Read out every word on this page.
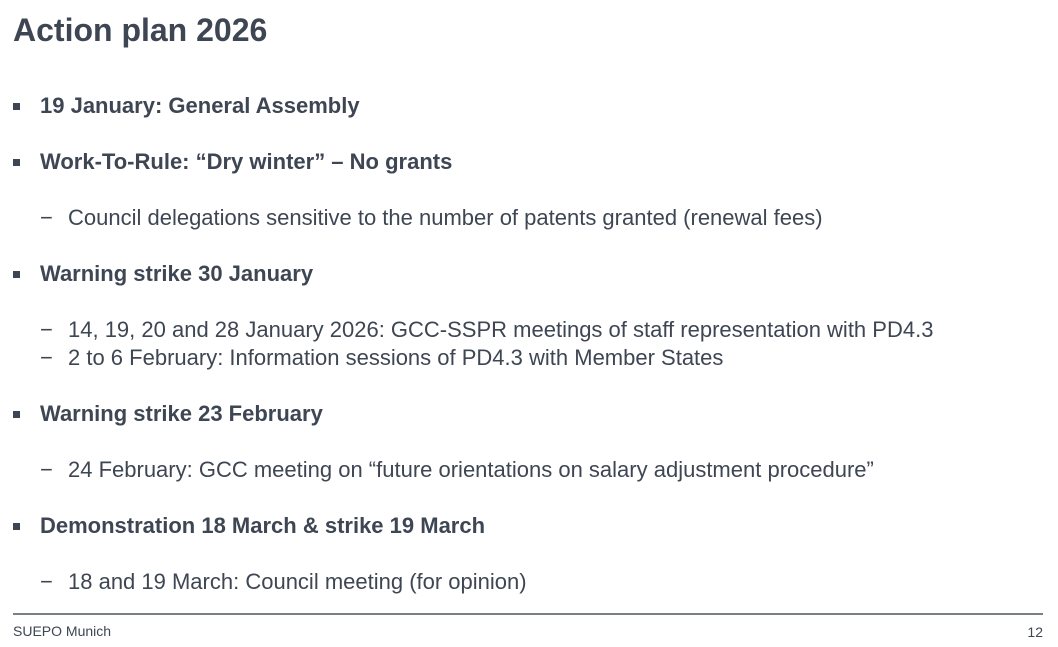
Action plan 2026
19 January: General Assembly
Work-To-Rule: “Dry winter” – No grants
− Council delegations sensitive to the number of patents granted (renewal fees)
Warning strike 30 January
− 14, 19, 20 and 28 January 2026: GCC-SSPR meetings of staff representation with PD4.3
− 2 to 6 February: Information sessions of PD4.3 with Member States
Warning strike 23 February
− 24 February: GCC meeting on “future orientations on salary adjustment procedure”
Demonstration 18 March & strike 19 March
− 18 and 19 March: Council meeting (for opinion)
SUEPO Munich	12
